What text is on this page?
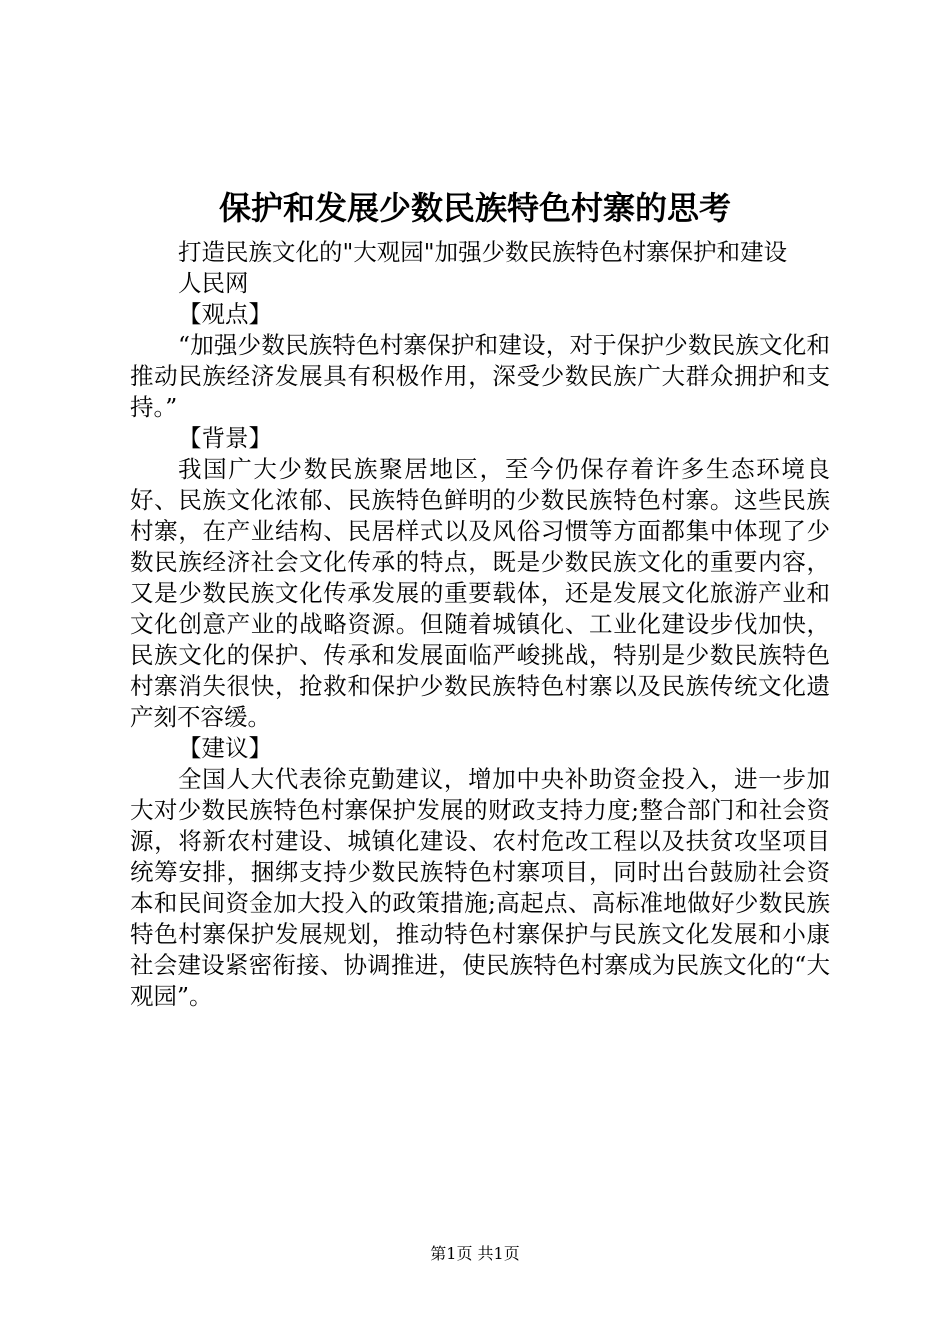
保护和发展少数民族特色村寨的思考

打造民族文化的"大观园"加强少数民族特色村寨保护和建设

人民网

【观点】

“加强少数民族特色村寨保护和建设，对于保护少数民族文化和推动民族经济发展具有积极作用，深受少数民族广大群众拥护和支持。”

【背景】

我国广大少数民族聚居地区，至今仍保存着许多生态环境良好、民族文化浓郁、民族特色鲜明的少数民族特色村寨。这些民族村寨，在产业结构、民居样式以及风俗习惯等方面都集中体现了少数民族经济社会文化传承的特点，既是少数民族文化的重要内容，又是少数民族文化传承发展的重要载体，还是发展文化旅游产业和文化创意产业的战略资源。但随着城镇化、工业化建设步伐加快，民族文化的保护、传承和发展面临严峻挑战，特别是少数民族特色村寨消失很快，抢救和保护少数民族特色村寨以及民族传统文化遗产刻不容缓。

【建议】

全国人大代表徐克勤建议，增加中央补助资金投入，进一步加大对少数民族特色村寨保护发展的财政支持力度;整合部门和社会资源，将新农村建设、城镇化建设、农村危改工程以及扶贫攻坚项目统筹安排，捆绑支持少数民族特色村寨项目，同时出台鼓励社会资本和民间资金加大投入的政策措施;高起点、高标准地做好少数民族特色村寨保护发展规划，推动特色村寨保护与民族文化发展和小康社会建设紧密衔接、协调推进，使民族特色村寨成为民族文化的“大观园”。

第1页 共1页
